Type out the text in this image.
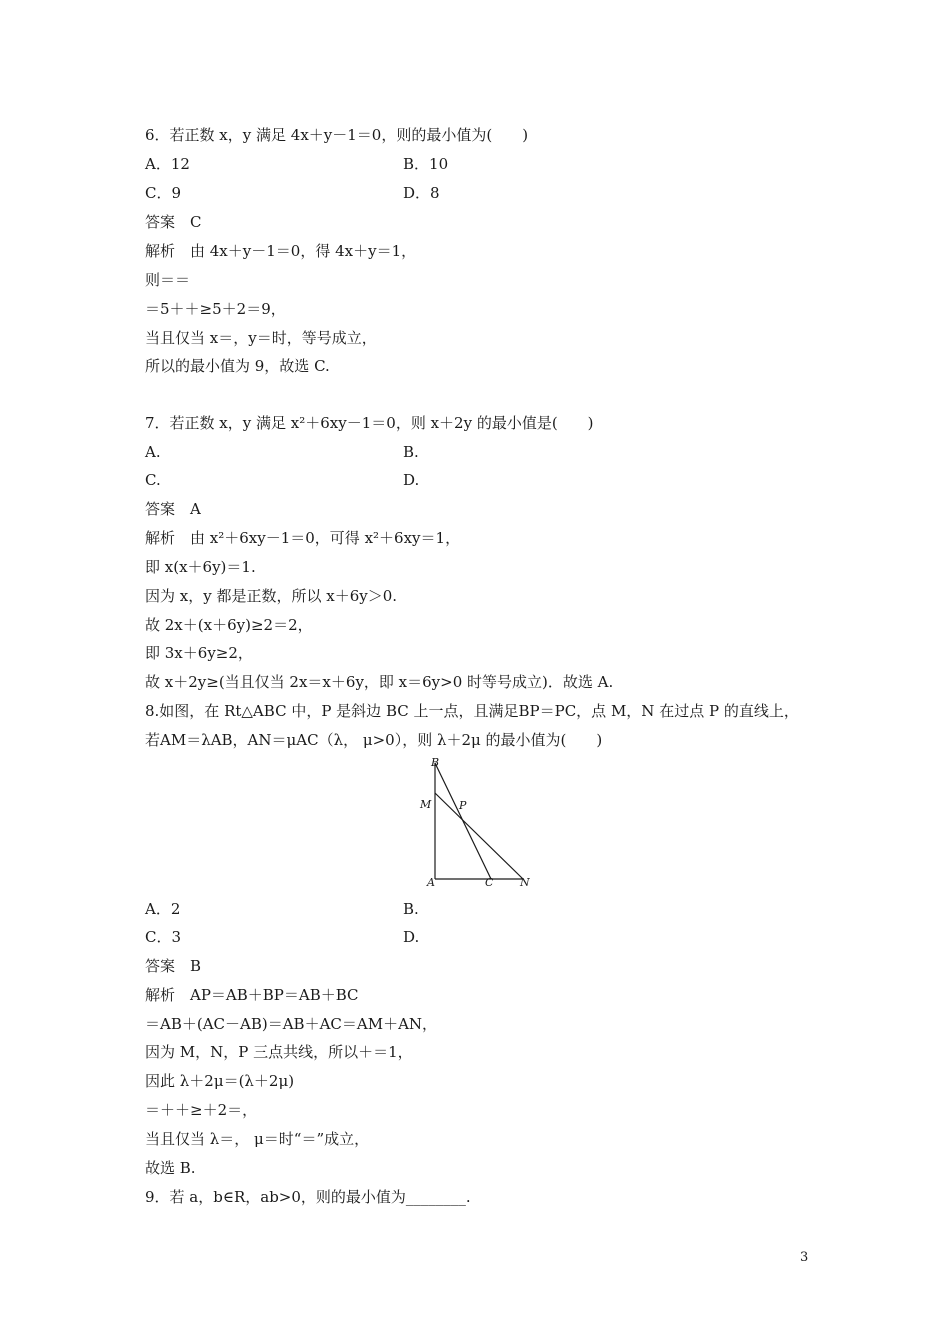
6．若正数 x，y 满足 4x＋y－1＝0，则的最小值为(　　)
A．12	B．10
C．9	D．8
答案　C
解析　由 4x＋y－1＝0，得 4x＋y＝1，
则＝＝
＝5＋＋≥5＋2＝9，
当且仅当 x＝，y＝时，等号成立，
所以的最小值为 9，故选 C.
7．若正数 x，y 满足 x²＋6xy－1＝0，则 x＋2y 的最小值是(　　)
A.	B.
C.	D.
答案　A
解析　由 x²＋6xy－1＝0，可得 x²＋6xy＝1，
即 x(x＋6y)＝1.
因为 x，y 都是正数，所以 x＋6y＞0.
故 2x＋(x＋6y)≥2＝2，
即 3x＋6y≥2，
故 x＋2y≥(当且仅当 2x＝x＋6y，即 x＝6y>0 时等号成立)．故选 A.
8.如图，在 Rt△ABC 中，P 是斜边 BC 上一点，且满足BP＝PC，点 M，N 在过点 P 的直线上，
若AM＝λAB，AN＝μAC（λ， μ>0），则 λ＋2μ 的最小值为(　　)
B
M	P
A	C N
A．2	B.
C．3	D.
答案　B
解析　AP＝AB＋BP＝AB＋BC
＝AB＋(AC－AB)＝AB＋AC＝AM＋AN，
因为 M，N，P 三点共线，所以＋＝1，
因此 λ＋2μ＝(λ＋2μ)
＝＋＋≥＋2＝，
当且仅当 λ＝， μ＝时“＝”成立，
故选 B.
9．若 a，b∈R，ab>0，则的最小值为________.
3
